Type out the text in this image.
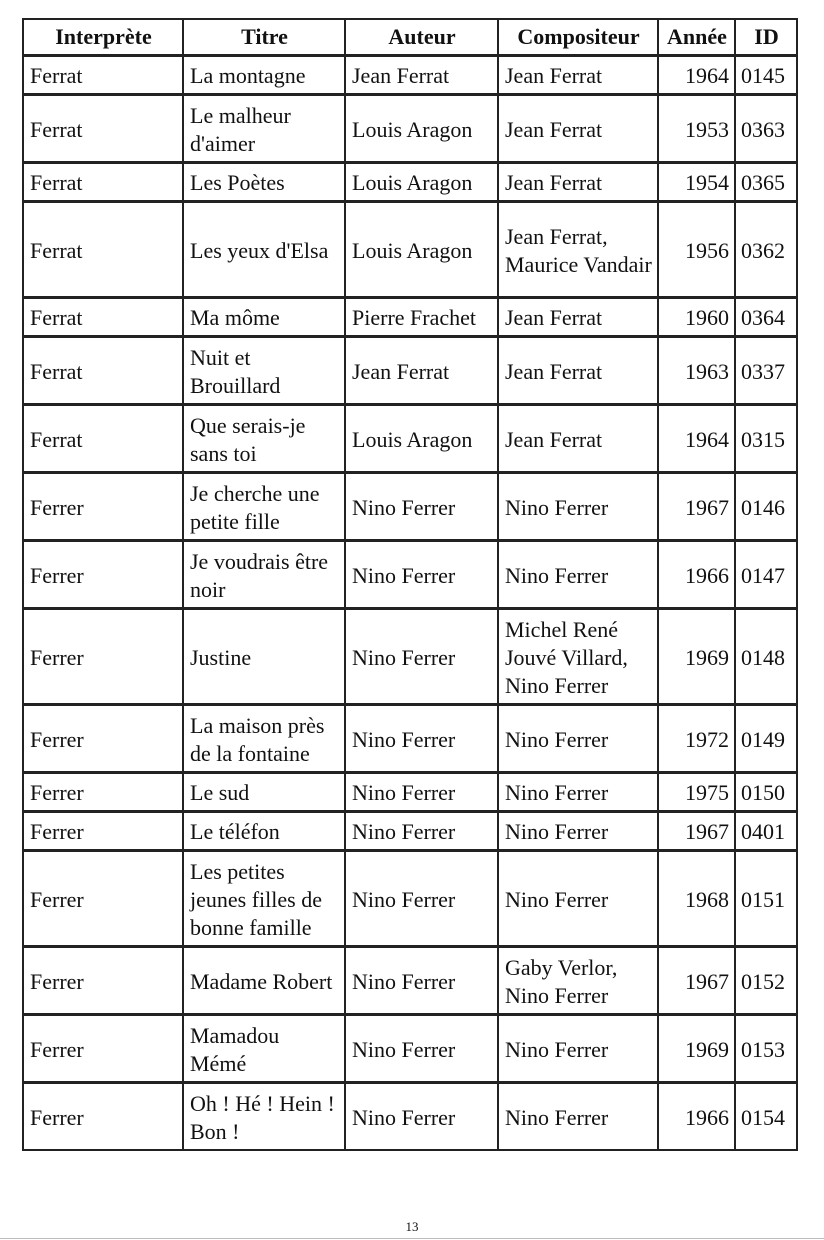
Interprète	Titre	Auteur	Compositeur	Année	ID
Ferrat	La montagne	Jean Ferrat	Jean Ferrat	1964	0145
Ferrat	Le malheur d'aimer	Louis Aragon	Jean Ferrat	1953	0363
Ferrat	Les Poètes	Louis Aragon	Jean Ferrat	1954	0365
Ferrat	Les yeux d'Elsa	Louis Aragon	Jean Ferrat, Maurice Vandair	1956	0362
Ferrat	Ma môme	Pierre Frachet	Jean Ferrat	1960	0364
Ferrat	Nuit et Brouillard	Jean Ferrat	Jean Ferrat	1963	0337
Ferrat	Que serais-je sans toi	Louis Aragon	Jean Ferrat	1964	0315
Ferrer	Je cherche une petite fille	Nino Ferrer	Nino Ferrer	1967	0146
Ferrer	Je voudrais être noir	Nino Ferrer	Nino Ferrer	1966	0147
Ferrer	Justine	Nino Ferrer	Michel René Jouvé Villard, Nino Ferrer	1969	0148
Ferrer	La maison près de la fontaine	Nino Ferrer	Nino Ferrer	1972	0149
Ferrer	Le sud	Nino Ferrer	Nino Ferrer	1975	0150
Ferrer	Le téléfon	Nino Ferrer	Nino Ferrer	1967	0401
Ferrer	Les petites jeunes filles de bonne famille	Nino Ferrer	Nino Ferrer	1968	0151
Ferrer	Madame Robert	Nino Ferrer	Gaby Verlor, Nino Ferrer	1967	0152
Ferrer	Mamadou Mémé	Nino Ferrer	Nino Ferrer	1969	0153
Ferrer	Oh ! Hé ! Hein ! Bon !	Nino Ferrer	Nino Ferrer	1966	0154
13
